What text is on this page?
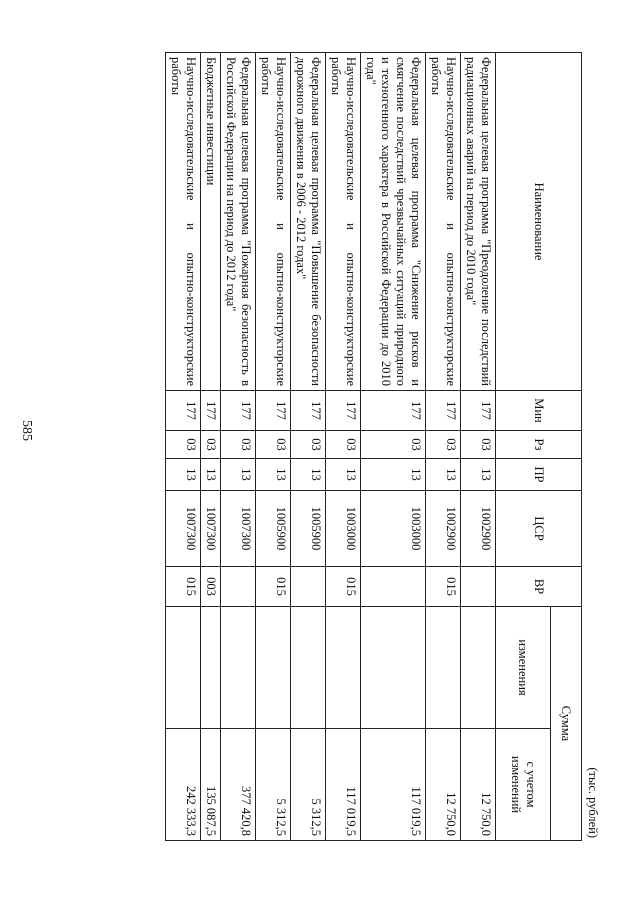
585
(тыс. рублей)
Наименование	Мин	Рз	ПР	ЦСР	ВР	Сумма	
						изменения	с учетом изменений
Федеральная целевая программа "Преодоление последствий радиационных аварий на период до 2010 года"	177	03	13	1002900			12 750,0
Научно-исследовательские и опытно-конструкторские работы	177	03	13	1002900	015		12 750,0
Федеральная целевая программа "Снижение рисков и смягчение последствий чрезвычайных ситуаций природного и техногенного характера в Российской Федерации до 2010 года"	177	03	13	1003000			117 019,5
Научно-исследовательские и опытно-конструкторские работы	177	03	13	1003000	015		117 019,5
Федеральная целевая программа "Повышение безопасности дорожного движения в 2006 - 2012 годах"	177	03	13	1005900			5 312,5
Научно-исследовательские и опытно-конструкторские работы	177	03	13	1005900	015		5 312,5
Федеральная целевая программа "Пожарная безопасность в Российской Федерации на период до 2012 года"	177	03	13	1007300			377 420,8
Бюджетные инвестиции	177	03	13	1007300	003		135 087,5
Научно-исследовательские и опытно-конструкторские работы	177	03	13	1007300	015		242 333,3
